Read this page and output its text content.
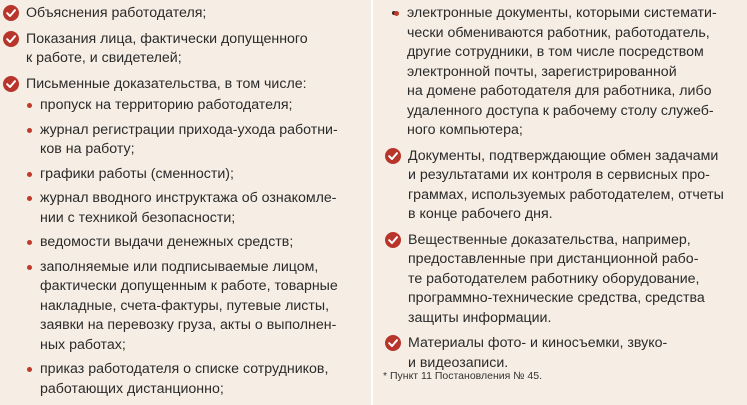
Объяснения работодателя;
Показания лица, фактически допущенного
к работе, и свидетелей;
Письменные доказательства, в том числе:
пропуск на территорию работодателя;
журнал регистрации прихода-ухода работни-
ков на работу;
графики работы (сменности);
журнал вводного инструктажа об ознакомле-
нии с техникой безопасности;
ведомости выдачи денежных средств;
заполняемые или подписываемые лицом,
фактически допущенным к работе, товарные
накладные, счета-фактуры, путевые листы,
заявки на перевозку груза, акты о выполнен-
ных работах;
приказ работодателя о списке сотрудников,
работающих дистанционно;
• электронные документы, которыми системати-
чески обмениваются работник, работодатель,
другие сотрудники, в том числе посредством
электронной почты, зарегистрированной
на домене работодателя для работника, либо
удаленного доступа к рабочему столу служеб-
ного компьютера;
Документы, подтверждающие обмен задачами
и результатами их контроля в сервисных про-
граммах, используемых работодателем, отчеты
в конце рабочего дня.
Вещественные доказательства, например,
предоставленные при дистанционной рабо-
те работодателем работнику оборудование,
программно-технические средства, средства
защиты информации.
Материалы фото- и киносъемки, звуко-
и видеозаписи.
* Пункт 11 Постановления № 45.
